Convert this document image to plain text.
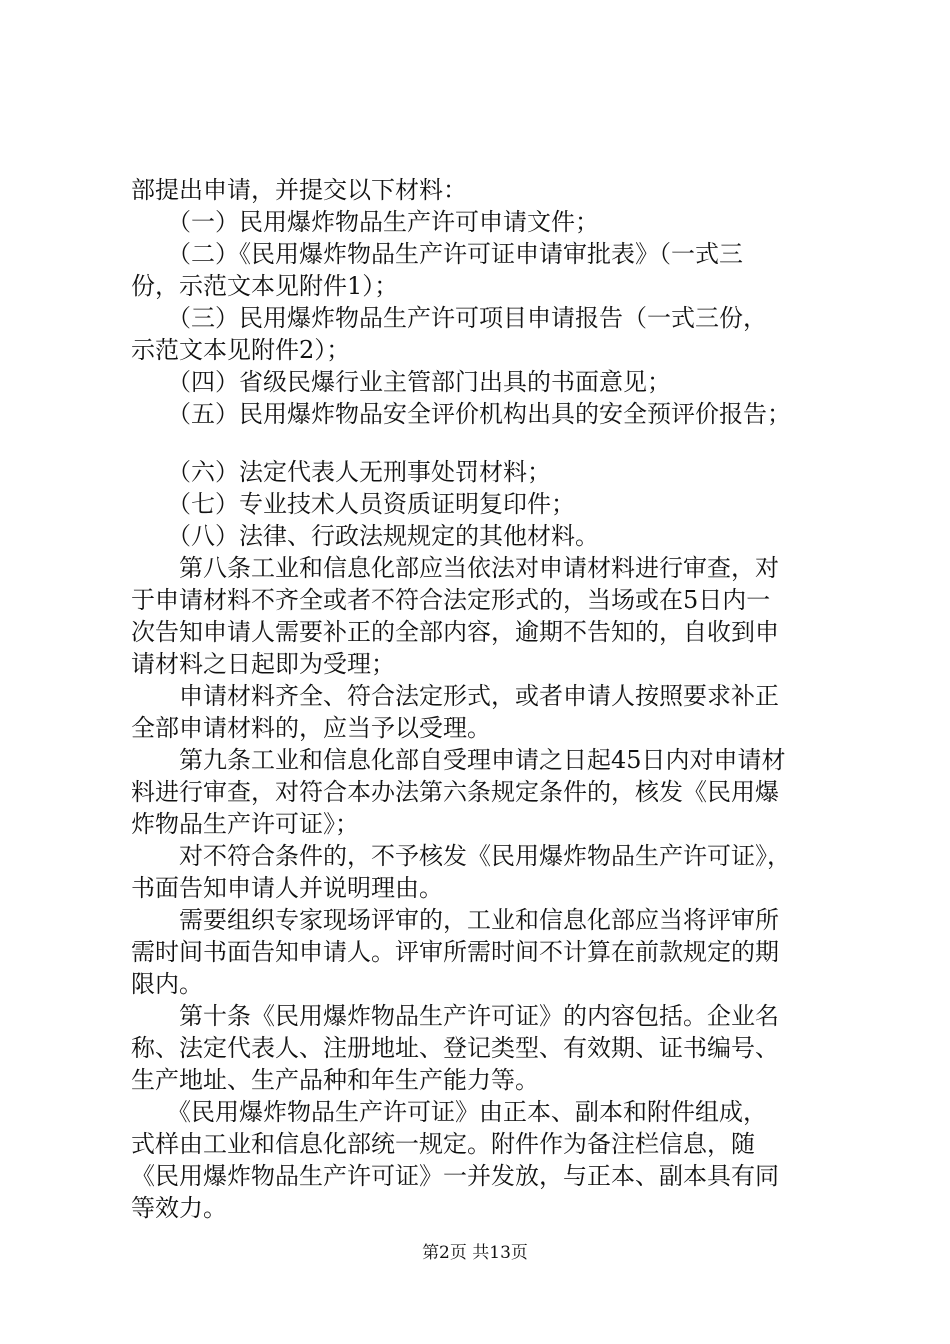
部提出申请，并提交以下材料：
　　（一）民用爆炸物品生产许可申请文件；
　　（二）《民用爆炸物品生产许可证申请审批表》（一式三
份，示范文本见附件1）；
　　（三）民用爆炸物品生产许可项目申请报告（一式三份，
示范文本见附件2）；
　　（四）省级民爆行业主管部门出具的书面意见；
　　（五）民用爆炸物品安全评价机构出具的安全预评价报告；
　　（六）法定代表人无刑事处罚材料；
　　（七）专业技术人员资质证明复印件；
　　（八）法律、行政法规规定的其他材料。
　　第八条工业和信息化部应当依法对申请材料进行审查，对
于申请材料不齐全或者不符合法定形式的，当场或在5日内一
次告知申请人需要补正的全部内容，逾期不告知的，自收到申
请材料之日起即为受理；
　　申请材料齐全、符合法定形式，或者申请人按照要求补正
全部申请材料的，应当予以受理。
　　第九条工业和信息化部自受理申请之日起45日内对申请材
料进行审查，对符合本办法第六条规定条件的，核发《民用爆
炸物品生产许可证》；
　　对不符合条件的，不予核发《民用爆炸物品生产许可证》，
书面告知申请人并说明理由。
　　需要组织专家现场评审的，工业和信息化部应当将评审所
需时间书面告知申请人。评审所需时间不计算在前款规定的期
限内。
　　第十条《民用爆炸物品生产许可证》的内容包括。企业名
称、法定代表人、注册地址、登记类型、有效期、证书编号、
生产地址、生产品种和年生产能力等。
　　《民用爆炸物品生产许可证》由正本、副本和附件组成，
式样由工业和信息化部统一规定。附件作为备注栏信息，随
《民用爆炸物品生产许可证》一并发放，与正本、副本具有同
等效力。
第2页 共13页
